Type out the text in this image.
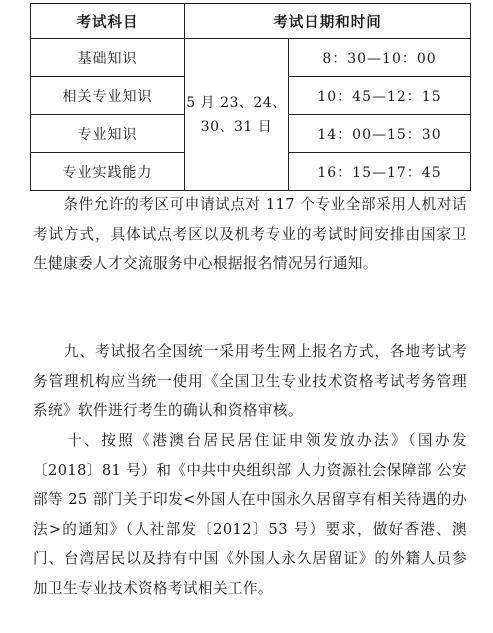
考试科目	考试日期和时间	
基础知识	5 月 23、24、30、31 日	8：30—10：00
相关专业知识		10：45—12：15
专业知识		14：00—15：30
专业实践能力		16：15—17：45

　　条件允许的考区可申请试点对 117 个专业全部采用人机对话考试方式，具体试点考区以及机考专业的考试时间安排由国家卫生健康委人才交流服务中心根据报名情况另行通知。

　　九、考试报名全国统一采用考生网上报名方式，各地考试考务管理机构应当统一使用《全国卫生专业技术资格考试考务管理系统》软件进行考生的确认和资格审核。

　　十、按照《港澳台居民居住证申领发放办法》（国办发〔2018〕81 号）和《中共中央组织部 人力资源社会保障部 公安部等 25 部门关于印发<外国人在中国永久居留享有相关待遇的办法>的通知》（人社部发〔2012〕53 号）要求，做好香港、澳门、台湾居民以及持有中国《外国人永久居留证》的外籍人员参加卫生专业技术资格考试相关工作。
